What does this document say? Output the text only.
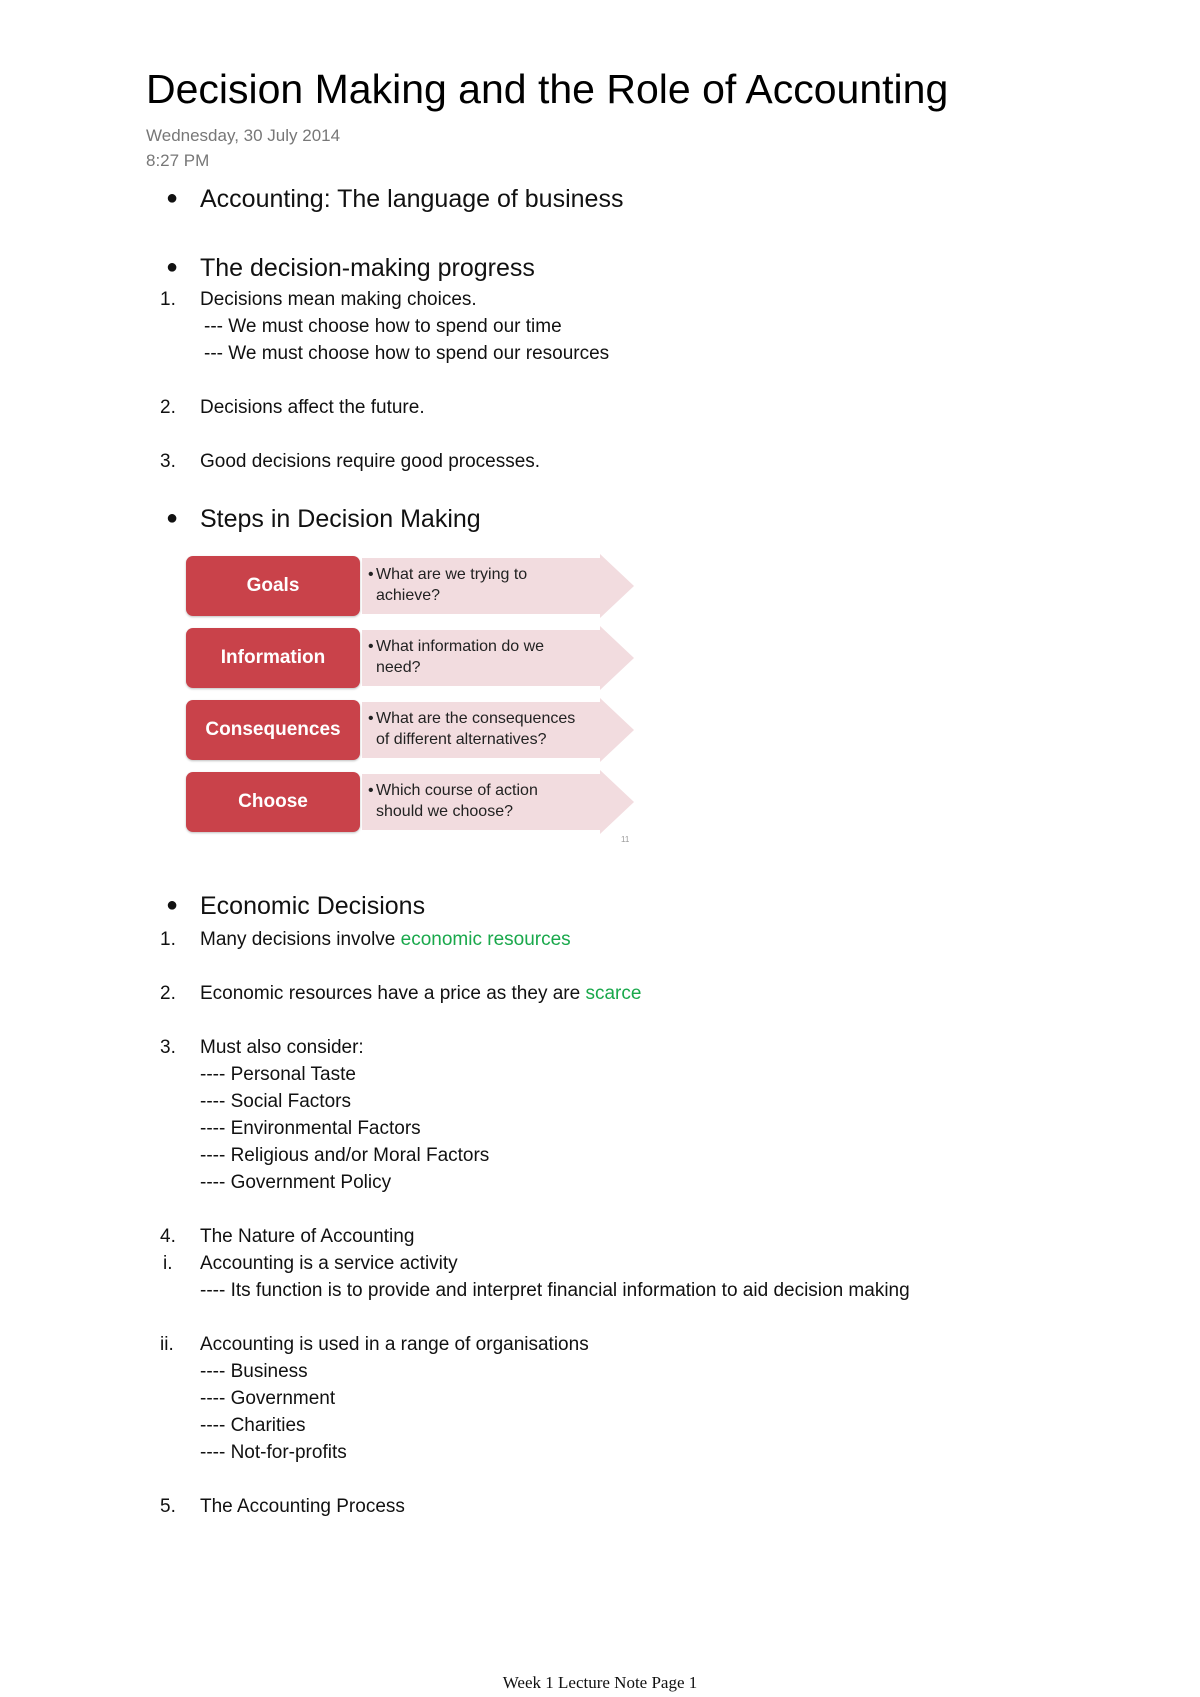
Decision Making and the Role of Accounting
Wednesday, 30 July 2014
8:27 PM
● Accounting: The language of business
● The decision-making progress
1. Decisions mean making choices.
--- We must choose how to spend our time
--- We must choose how to spend our resources
2. Decisions affect the future.
3. Good decisions require good processes.
● Steps in Decision Making
Goals
• What are we trying to
achieve?
Information
• What information do we
need?
Consequences
• What are the consequences
of different alternatives?
Choose
• Which course of action
should we choose?
11
● Economic Decisions
1. Many decisions involve economic resources
2. Economic resources have a price as they are scarce
3. Must also consider:
---- Personal Taste
---- Social Factors
---- Environmental Factors
---- Religious and/or Moral Factors
---- Government Policy
4. The Nature of Accounting
i. Accounting is a service activity
---- Its function is to provide and interpret financial information to aid decision making
ii. Accounting is used in a range of organisations
---- Business
---- Government
---- Charities
---- Not-for-profits
5. The Accounting Process
Week 1 Lecture Note Page 1
